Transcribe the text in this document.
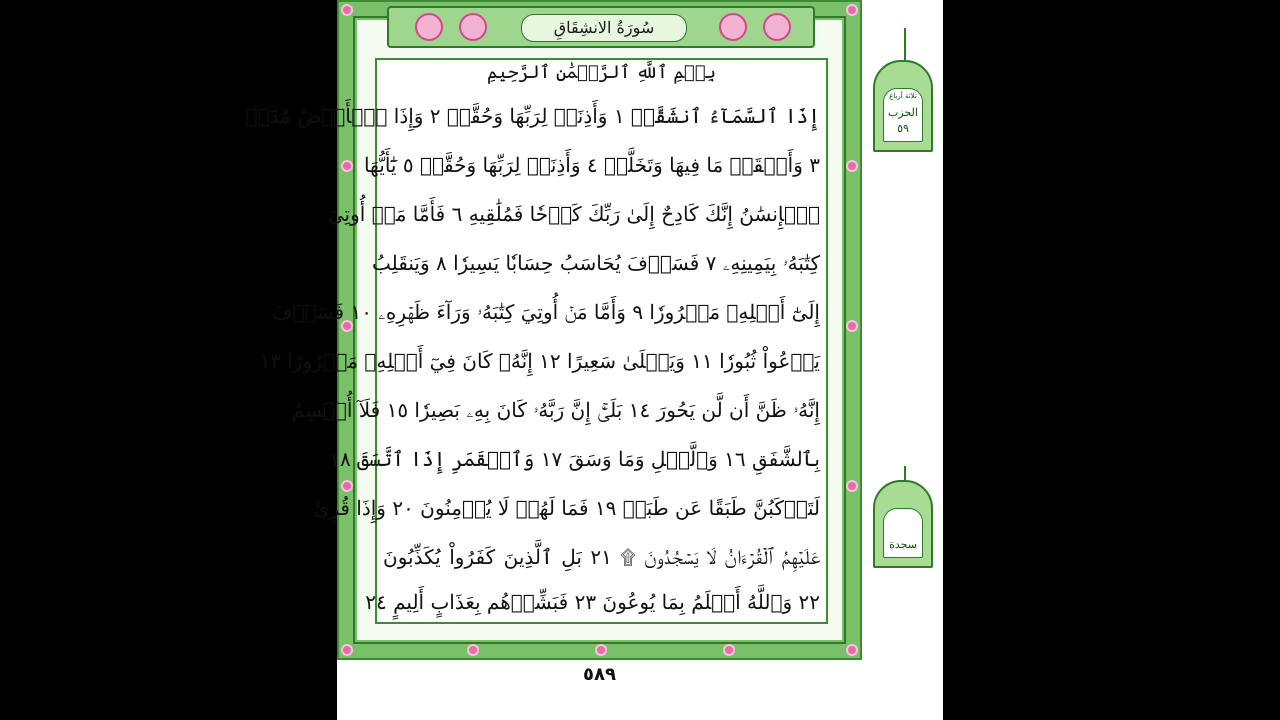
سُورَةُ الانشِقَاقِ
بِسۡمِ ٱللَّهِ ٱلرَّحۡمَٰنِ ٱلرَّحِيمِ
إِذَا ٱلسَّمَآءُ ٱنشَقَّتۡ ١ وَأَذِنَتۡ لِرَبِّهَا وَحُقَّتۡ ٢ وَإِذَا ٱلۡأَرۡضُ مُدَّتۡ
٣ وَأَلۡقَتۡ مَا فِيهَا وَتَخَلَّتۡ ٤ وَأَذِنَتۡ لِرَبِّهَا وَحُقَّتۡ ٥ يَٰٓأَيُّهَا
ٱلۡإِنسَٰنُ إِنَّكَ كَادِحٌ إِلَىٰ رَبِّكَ كَدۡحٗا فَمُلَٰقِيهِ ٦ فَأَمَّا مَنۡ أُوتِيَ
كِتَٰبَهُۥ بِيَمِينِهِۦ ٧ فَسَوۡفَ يُحَاسَبُ حِسَابٗا يَسِيرٗا ٨ وَيَنقَلِبُ
إِلَىٰٓ أَهۡلِهِۦ مَسۡرُورٗا ٩ وَأَمَّا مَنۡ أُوتِيَ كِتَٰبَهُۥ وَرَآءَ ظَهۡرِهِۦ ١٠ فَسَوۡفَ
يَدۡعُواْ ثُبُورٗا ١١ وَيَصۡلَىٰ سَعِيرًا ١٢ إِنَّهُۥ كَانَ فِيٓ أَهۡلِهِۦ مَسۡرُورًا ١٣
إِنَّهُۥ ظَنَّ أَن لَّن يَحُورَ ١٤ بَلَىٰٓۚ إِنَّ رَبَّهُۥ كَانَ بِهِۦ بَصِيرٗا ١٥ فَلَآ أُقۡسِمُ
بِٱلشَّفَقِ ١٦ وَٱلَّيۡلِ وَمَا وَسَقَ ١٧ وَٱلۡقَمَرِ إِذَا ٱتَّسَقَ ١٨
لَتَرۡكَبُنَّ طَبَقًا عَن طَبَقٖ ١٩ فَمَا لَهُمۡ لَا يُؤۡمِنُونَ ٢٠ وَإِذَا قُرِئَ
عَلَيۡهِمُ ٱلۡقُرۡءَانُ لَا يَسۡجُدُونَ ۩ ٢١ بَلِ ٱلَّذِينَ كَفَرُواْ يُكَذِّبُونَ
٢٢ وَٱللَّهُ أَعۡلَمُ بِمَا يُوعُونَ ٢٣ فَبَشِّرۡهُم بِعَذَابٍ أَلِيمٍ ٢٤
٥٨٩
ثلاثة أرباع
الحزب
٥٩
سجدة
